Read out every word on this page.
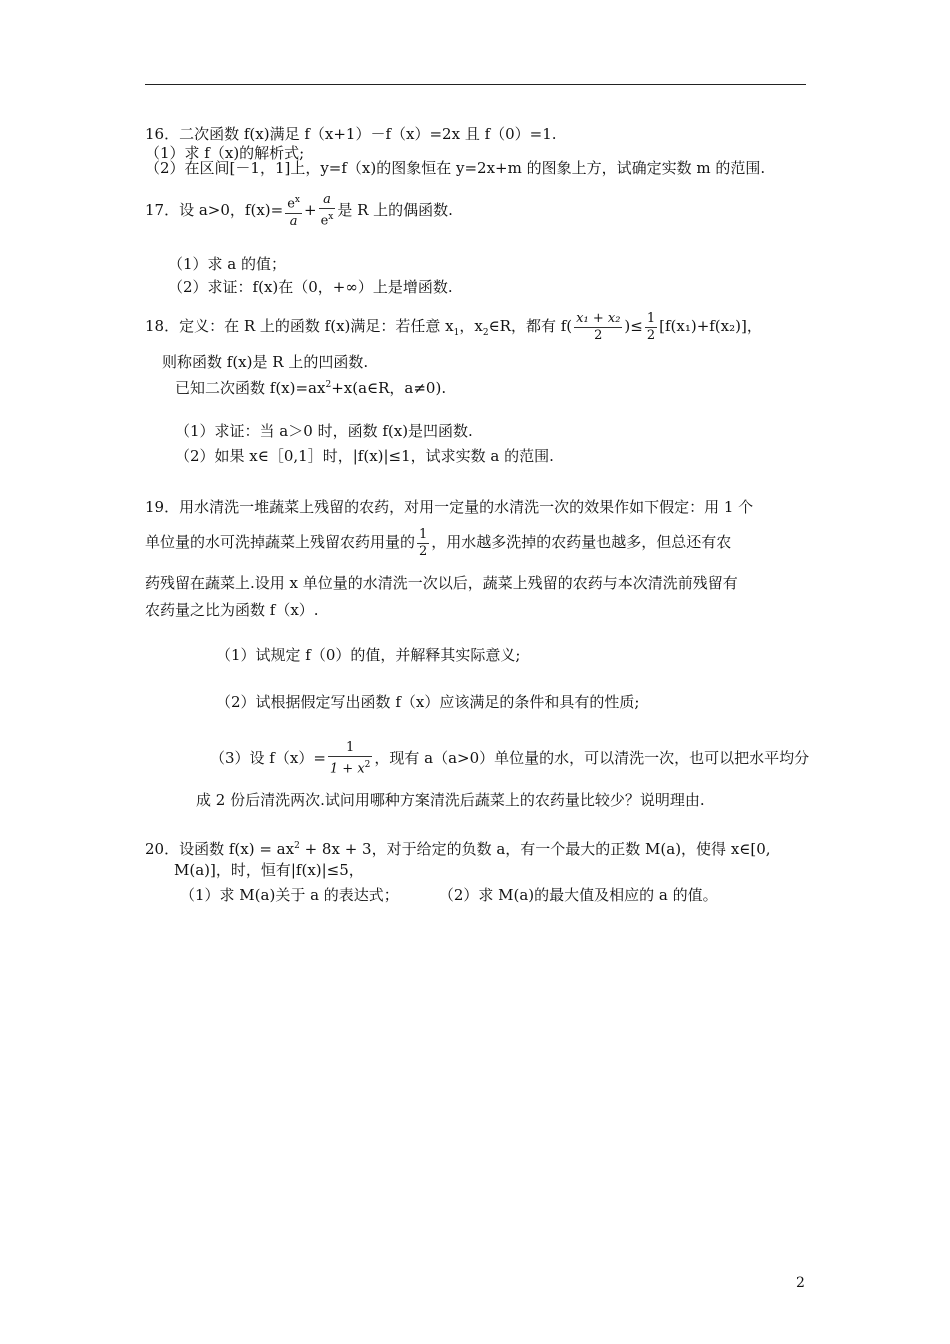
16．二次函数 f(x)满足 f（x+1）－f（x）=2x 且 f（0）=1.
（1）求 f（x)的解析式;
（2）在区间[－1，1]上，y=f（x)的图象恒在 y=2x+m 的图象上方，试确定实数 m 的范围.
17．设 a>0，$f(x)= \frac{e^x}{a} + \frac{a}{e^x}$ 是 R 上的偶函数.
（1）求 a 的值；
（2）求证：f(x)在（0，+∞）上是增函数.
18．定义：在 R 上的函数 f(x)满足：若任意 $x_1$，$x_2\in R$，都有 $f( \frac{\text{x₁ + x₂}}{2}$ )≤ $\frac{1}{2} [f(x_1)+f(x_2)]$，
则称函数 f(x)是 R 上的凹函数.
已知二次函数 $f(x)=ax^2+x(a\in R$，a≠0).
（1）求证：当 a＞0 时，函数 f(x)是凹函数.
（2）如果 x∈［0,1］时，|f(x)|≤1，试求实数 a 的范围.
19．用水清洗一堆蔬菜上残留的农药，对用一定量的水清洗一次的效果作如下假定：用 1 个
单位量的水可洗掉蔬菜上残留农药用量的 $\frac{1}{2}$ ，用水越多洗掉的农药量也越多，但总还有农
药残留在蔬菜上.设用 x 单位量的水清洗一次以后，蔬菜上残留的农药与本次清洗前残留有
农药量之比为函数 f（x）.
（1）试规定 f（0）的值，并解释其实际意义;
（2）试根据假定写出函数 f（x）应该满足的条件和具有的性质;
（3）设 $f(x)= \frac{1}{1 + x^2}$ ，现有 a（a>0）单位量的水，可以清洗一次，也可以把水平均分
成 2 份后清洗两次.试问用哪种方案清洗后蔬菜上的农药量比较少？说明理由.
20．设函数 $f(x) = ax^2 + 8x + 3$，对于给定的负数 a，有一个最大的正数 M(a)，使得 x∈[0,
M(a)]，时，恒有|f(x)|≤5，
（1）求 M(a)关于 a 的表达式；	（2）求 M(a)的最大值及相应的 a 的值。
2
